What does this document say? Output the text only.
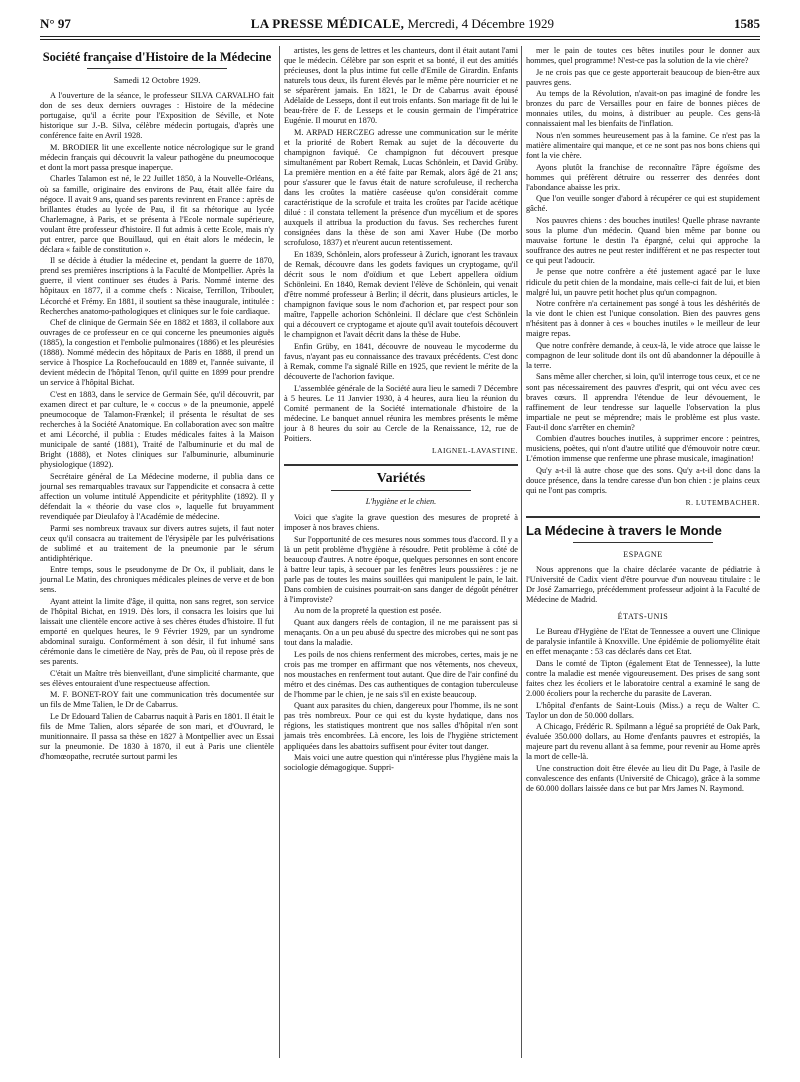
N° 97	LA PRESSE MÉDICALE, Mercredi, 4 Décembre 1929	1585
Société française d'Histoire de la Médecine
Samedi 12 Octobre 1929.

A l'ouverture de la séance, le professeur SILVA CARVALHO fait don de ses deux derniers ouvrages : Histoire de la médecine portugaise, qu'il a écrite pour l'Exposition de Séville, et Note historique sur J.-B. Silva, célèbre médecin portugais, d'après une conférence faite en Avril 1928.

M. BRODIER lit une excellente notice nécrologique sur le grand médecin français qui découvrit la valeur pathogène du pneumocoque et dont la mort passa presque inaperçue.

Charles Talamon est né, le 22 Juillet 1850, à la Nouvelle-Orléans, où sa famille, originaire des environs de Pau, était allée faire du négoce. Il avait 9 ans, quand ses parents revinrent en France : après de brillantes études au lycée de Pau, il fit sa rhétorique au lycée Charlemagne, à Paris, et se présenta à l'Ecole normale supérieure, voulant être professeur d'histoire. Il fut admis à cette Ecole, mais n'y put entrer, parce que Bouillaud, qui en était alors le médecin, le déclara « faible de constitution ».

Il se décide à étudier la médecine et, pendant la guerre de 1870, prend ses premières inscriptions à la Faculté de Montpellier. Après la guerre, il vient continuer ses études à Paris. Nommé interne des hôpitaux en 1877, il a comme chefs : Nicaise, Terrillon, Tribouleт, Lécorché et Frémy. En 1881, il soutient sa thèse inaugurale, intitulée : Recherches anatomo-pathologiques et cliniques sur le foie cardiaque.

Chef de clinique de Germain Sée en 1882 et 1883, il collabore aux ouvrages de ce professeur en ce qui concerne les pneumonies aiguës (1885), la congestion et l'embolie pulmonaires (1886) et les pleurésies (1888). Nommé médecin des hôpitaux de Paris en 1888, il prend un service à l'hospice La Rochefoucauld en 1889 et, l'année suivante, il devient médecin de l'hôpital Tenon, qu'il quitte en 1899 pour prendre un service à l'hôpital Bichat.

C'est en 1883, dans le service de Germain Sée, qu'il découvrit, par examen direct et par culture, le « coccus » de la pneumonie, appelé pneumocoque de Talamon-Frænkel; il présenta le résultat de ses recherches à la Société Anatomique. En collaboration avec son maître et ami Lécorché, il publia : Etudes médicales faites à la Maison municipale de santé (1881), Traité de l'albuminurie et du mal de Bright (1888), et Notes cliniques sur l'albuminurie, albuminurie physiologique (1892).

Secrétaire général de La Médecine moderne, il publia dans ce journal ses remarquables travaux sur l'appendicite et consacra à cette affection un volume intitulé Appendicite et pérityphlite (1892). Il y défendait la « théorie du vase clos », laquelle fut bruyamment revendiquée par Dieulafoy à l'Académie de médecine.

Parmi ses nombreux travaux sur divers autres sujets, il faut noter ceux qu'il consacra au traitement de l'érysipèle par les pulvérisations de sublimé et au traitement de la pneumonie par le sérum antidiphtérique.

Entre temps, sous le pseudonyme de Dr Ox, il publiait, dans le journal Le Matin, des chroniques médicales pleines de verve et de bon sens.

Ayant atteint la limite d'âge, il quitta, non sans regret, son service de l'hôpital Bichat, en 1919. Dès lors, il consacra les loisirs que lui laissait une clientèle encore active à ses chères études d'histoire. Il fut emporté en quelques heures, le 9 Février 1929, par un syndrome abdominal suraigu. Conformément à son désir, il fut inhumé sans cérémonie dans le cimetière de Nay, près de Pau, où il repose près de ses parents.

C'était un Maître très bienveillant, d'une simplicité charmante, que ses élèves entouraient d'une respectueuse affection.

M. F. BONET-ROY fait une communication très documentée sur un fils de Mme Talien, le Dr de Cabarrus.

Le Dr Edouard Talien de Cabarrus naquit à Paris en 1801. Il était le fils de Mme Talien, alors séparée de son mari, et d'Ouvrard, le munitionnaire. Il passa sa thèse en 1827 à Montpellier avec un Essai sur la pneumonie. De 1830 à 1870, il eut à Paris une clientèle d'homœopathe, recrutée surtout parmi les

artistes, les gens de lettres et les chanteurs, dont il était autant l'ami que le médecin. Célèbre par son esprit et sa bonté, il eut des amitiés précieuses, dont la plus intime fut celle d'Emile de Girardin. Enfants naturels tous deux, ils furent élevés par le même père nourricier et ne se séparèrent jamais. En 1821, le Dr de Cabarrus avait épousé Adélaïde de Lesseps, dont il eut trois enfants. Son mariage fit de lui le beau-frère de F. de Lesseps et le cousin germain de l'impératrice Eugénie. Il mourut en 1870.

M. ARPAD HERCZEG adresse une communication sur le mérite et la priorité de Robert Remak au sujet de la découverte du champignon faviqué. Ce champignon fut découvert presque simultanément par Robert Remak, Lucas Schönlein, et David Grüby. La première mention en a été faite par Remak, alors âgé de 21 ans; pour s'assurer que le favus était de nature scrofuleuse, il recherchа dans les croûtes la matière caséeuse qu'on considérait comme caractéristique de la scrofule et traita les croûtes par l'acide acétique dilué : il constata tellement la présence d'un mycélium et de spores auxquels il attribua la production du favus. Ses recherches furent consignées dans la thèse de son ami Xaver Hube (De morbo scrofuloso, 1837) et n'eurent aucun retentissement.

En 1839, Schönlein, alors professeur à Zurich, ignorant les travaux de Remak, découvre dans les godets faviques un cryptogame, qu'il décrit sous le nom d'oïdium et que Lebert appellera oïdium Schönleini. En 1840, Remak devient l'élève de Schönlein, qui venait d'être nommé professeur à Berlin; il décrit, dans plusieurs articles, le champignon favique sous le nom d'achorion et, par respect pour son maître, l'appelle achorion Schönleini. Il déclare que c'est Schönlein qui a découvert ce cryptogame et ajoute qu'il avait toutefois découvert le champignon et l'avait décrit dans la thèse de Hube.

Enfin Grüby, en 1841, découvre de nouveau le mycoderme du favus, n'ayant pas eu connaissance des travaux précédents. C'est donc à Remak, comme l'a signalé Rille en 1925, que revient le mérite de la découverte de l'achorion favique.

L'assemblée générale de la Société aura lieu le samedi 7 Décembre à 5 heures. Le 11 Janvier 1930, à 4 heures, aura lieu la réunion du Comité permanent de la Société internationale d'histoire de la médecine. Le banquet annuel réunira les membres présents le même jour à 8 heures du soir au Cercle de la Renaissance, 12, rue de Poitiers.

LAIGNEL-LAVASTINE.
Variétés
L'hygiène et le chien.

Voici que s'agite la grave question des mesures de propreté à imposer à nos braves chiens.

Sur l'opportunité de ces mesures nous sommes tous d'accord. Il y a là un petit problème d'hygiène à résoudre. Petit problème à côté de beaucoup d'autres. A notre époque, quelques personnes en sont encore à battre leur tapis, à secouer par les fenêtres leurs poussières : je ne parle pas de toutes les mains souillées qui manipulent le pain, le lait. Dans combien de cuisines pourrait-on sans danger de dégoût pénétrer à l'improviste?

Au nom de la propreté la question est posée.

Quant aux dangers réels de contagion, il ne me paraissent pas si menaçants. On a un peu abusé du spectre des microbes qui ne sont pas tout dans la maladie.

Les poils de nos chiens renferment des microbes, certes, mais je ne crois pas me tromper en affirmant que nos vêtements, nos cheveux, nos moustaches en renferment tout autant. Que dire de l'air confiné du métro et des cinémas. Des cas authentiques de contagion tuberculeuse de l'homme par le chien, je ne sais s'il en existe beaucoup.

Quant aux parasites du chien, dangereux pour l'homme, ils ne sont pas très nombreux. Pour ce qui est du kyste hydatique, dans nos régions, les statistiques montrent que nos salles d'hôpital n'en sont jamais très encombrées. Là encore, les lois de l'hygiène strictement appliquées dans les abattoirs suffisent pour éviter tout danger.

Mais voici une autre question qui n'intéresse plus l'hygiène mais la sociologie démagogique. Suppri-

mer le pain de toutes ces bêtes inutiles pour le donner aux hommes, quel programme! N'est-ce pas la solution de la vie chère?

Je ne crois pas que ce geste apporterait beaucoup de bien-être aux pauvres gens.

Au temps de la Révolution, n'avait-on pas imaginé de fondre les bronzes du parc de Versailles pour en faire de bonnes pièces de monnaies utiles, du moins, à distribuer au peuple. Ces gens-là connaissaient mal les bienfaits de l'inflation.

Nous n'en sommes heureusement pas à la famine. Ce n'est pas la matière alimentaire qui manque, et ce ne sont pas nos bons chiens qui font la vie chère.

Ayons plutôt la franchise de reconnaître l'âpre égoïsme des hommes qui préfèrent détruire ou resserrer des denrées dont l'abondance abaisse les prix.

Que l'on veuille songer d'abord à récupérer ce qui est stupidement gâché.

Nos pauvres chiens : des bouches inutiles! Quelle phrase navrante sous la plume d'un médecin. Quand bien même par bonne ou mauvaise fortune le destin l'a épargné, celui qui approche la souffrance des autres ne peut rester indifférent et ne pas respecter tout ce qui peut l'adoucir.

Je pense que notre confrère a été justement agacé par le luxe ridicule du petit chien de la mondaine, mais celle-ci fait de lui, et bien malgré lui, un pauvre petit hochet plus qu'un compagnon.

Notre confrère n'a certainement pas songé à tous les déshérités de la vie dont le chien est l'unique consolation. Bien des pauvres gens n'hésitent pas à donner à ces « bouches inutiles » le meilleur de leur maigre repas.

Que notre confrère demande, à ceux-là, le vide atroce que laisse le compagnon de leur solitude dont ils ont dû abandonner la dépouille à la terre.

Sans même aller chercher, si loin, qu'il interroge tous ceux, et ce ne sont pas nécessairement des pauvres d'esprit, qui ont vécu avec ces braves cœurs. Il apprendra l'étendue de leur dévouement, le raffinement de leur tendresse sur laquelle l'observation la plus impartiale ne peut se méprendre; mais le problème est plus vaste. Faut-il donc s'arrêter en chemin?

Combien d'autres bouches inutiles, à supprimer encore : peintres, musiciens, poètes, qui n'ont d'autre utilité que d'émouvoir notre cœur. L'émotion immense que renferme une phrase musicale, imagination!

Qu'y a-t-il là autre chose que des sons. Qu'y a-t-il donc dans la douce présence, dans la tendre caresse d'un bon chien : je plains ceux qui ne l'ont pas compris.

R. LUTEMBACHER.
La Médecine à travers le Monde
ESPAGNE

Nous apprenons que la chaire déclarée vacante de pédiatrie à l'Université de Cadix vient d'être pourvue d'un nouveau titulaire : le Dr José Zamarriego, précédemment professeur adjoint à la Faculté de Médecine de Madrid.

ÉTATS-UNIS

Le Bureau d'Hygiène de l'Etat de Tennessee a ouvert une Clinique de paralysie infantile à Knoxville. Une épidémie de poliomyélite était en effet menaçante : 53 cas déclarés dans cet Etat.

Dans le comté de Tipton (également Etat de Tennessee), la lutte contre la maladie est menée vigoureusement. Des prises de sang sont faites chez les écoliers et le laboratoire central a examiné le sang de 2.000 écoliers pour la recherche du parasite de Laveran.

L'hôpital d'enfants de Saint-Louis (Miss.) a reçu de Walter C. Taylor un don de 50.000 dollars.

A Chicago, Frédéric R. Spilmann a légué sa propriété de Oak Park, évaluée 350.000 dollars, au Home d'enfants pauvres et estropiés, la majeure part du revenu allant à sa femme, pour revenir au Home après la mort de celle-là.

Une construction doit être élevée au lieu dit Du Page, à l'asile de convalescence des enfants (Université de Chicago), grâce à la somme de 60.000 dollars laissée dans ce but par Mrs James N. Raymond.
